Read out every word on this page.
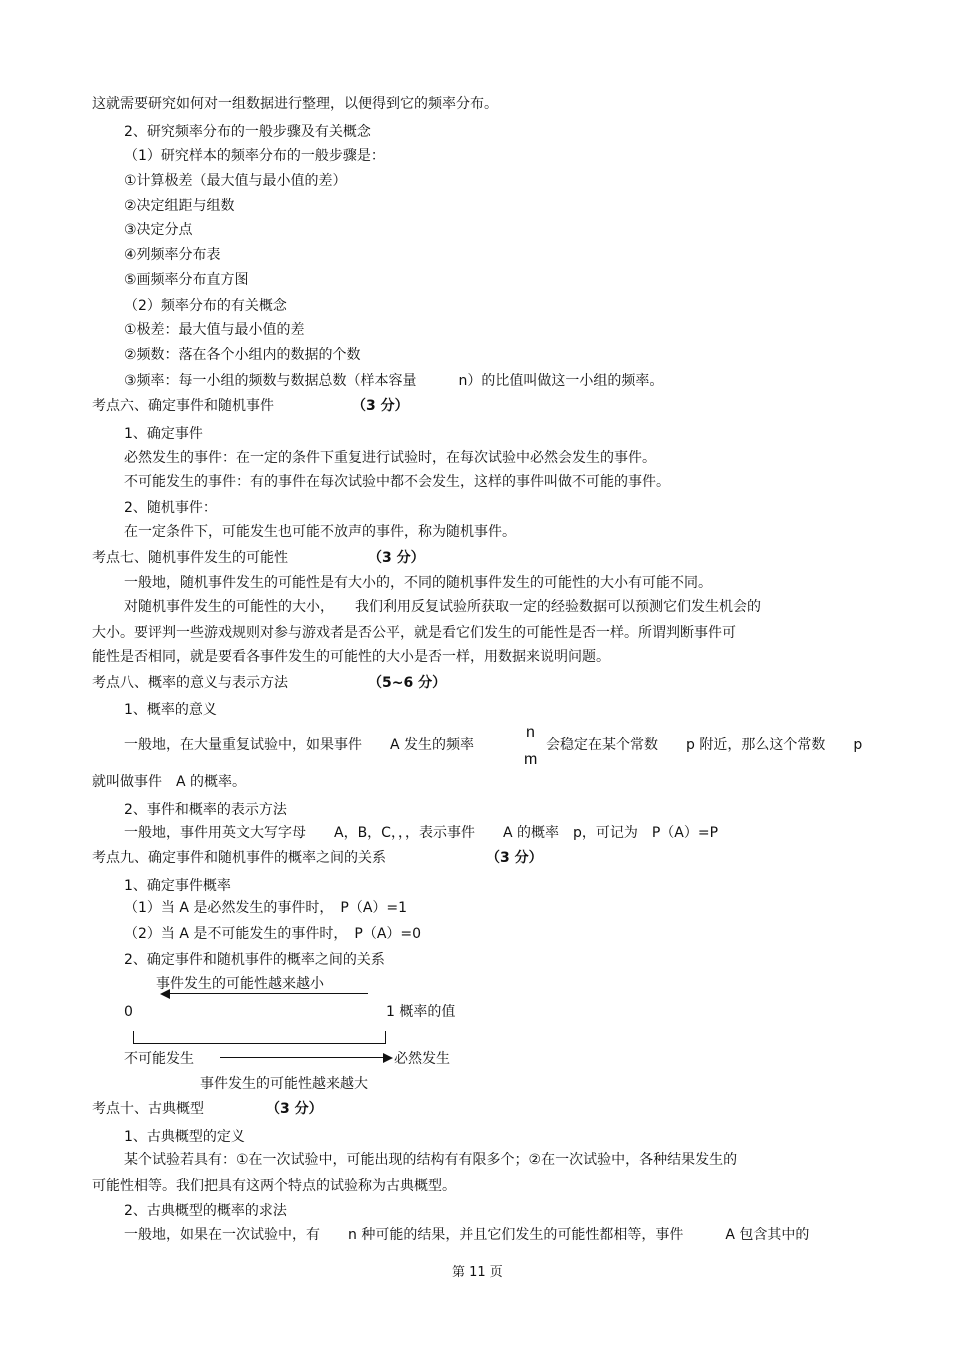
这就需要研究如何对一组数据进行整理，以便得到它的频率分布。
2、研究频率分布的一般步骤及有关概念
（1）研究样本的频率分布的一般步骤是：
①计算极差（最大值与最小值的差）
②决定组距与组数
③决定分点
④列频率分布表
⑤画频率分布直方图
（2）频率分布的有关概念
①极差：最大值与最小值的差
②频数：落在各个小组内的数据的个数
③频率：每一小组的频数与数据总数（样本容量　　　n）的比值叫做这一小组的频率。
考点六、确定事件和随机事件	（3 分）
1、确定事件
必然发生的事件：在一定的条件下重复进行试验时，在每次试验中必然会发生的事件。
不可能发生的事件：有的事件在每次试验中都不会发生，这样的事件叫做不可能的事件。
2、随机事件：
在一定条件下，可能发生也可能不放声的事件，称为随机事件。
考点七、随机事件发生的可能性	（3 分）
一般地，随机事件发生的可能性是有大小的，不同的随机事件发生的可能性的大小有可能不同。
对随机事件发生的可能性的大小，　　我们利用反复试验所获取一定的经验数据可以预测它们发生机会的
大小。要评判一些游戏规则对参与游戏者是否公平，就是看它们发生的可能性是否一样。所谓判断事件可
能性是否相同，就是要看各事件发生的可能性的大小是否一样，用数据来说明问题。
考点八、概率的意义与表示方法	（5~6 分）
1、概率的意义
一般地，在大量重复试验中，如果事件　　A 发生的频率
n
m
会稳定在某个常数　　p 附近，那么这个常数　　p
就叫做事件　A 的概率。
2、事件和概率的表示方法
一般地，事件用英文大写字母　　A，B，C，，，表示事件　　A 的概率　p，可记为　P（A）=P
考点九、确定事件和随机事件的概率之间的关系	（3 分）
1、确定事件概率
（1）当 A 是必然发生的事件时，　P（A）=1
（2）当 A 是不可能发生的事件时，　P（A）=0
2、确定事件和随机事件的概率之间的关系
事件发生的可能性越来越小
0	1 概率的值
不可能发生	必然发生
事件发生的可能性越来越大
考点十、古典概型	（3 分）
1、古典概型的定义
某个试验若具有：①在一次试验中，可能出现的结构有有限多个；②在一次试验中，各种结果发生的
可能性相等。我们把具有这两个特点的试验称为古典概型。
2、古典概型的概率的求法
一般地，如果在一次试验中，有　　n 种可能的结果，并且它们发生的可能性都相等，事件　　　A 包含其中的
第 11 页
